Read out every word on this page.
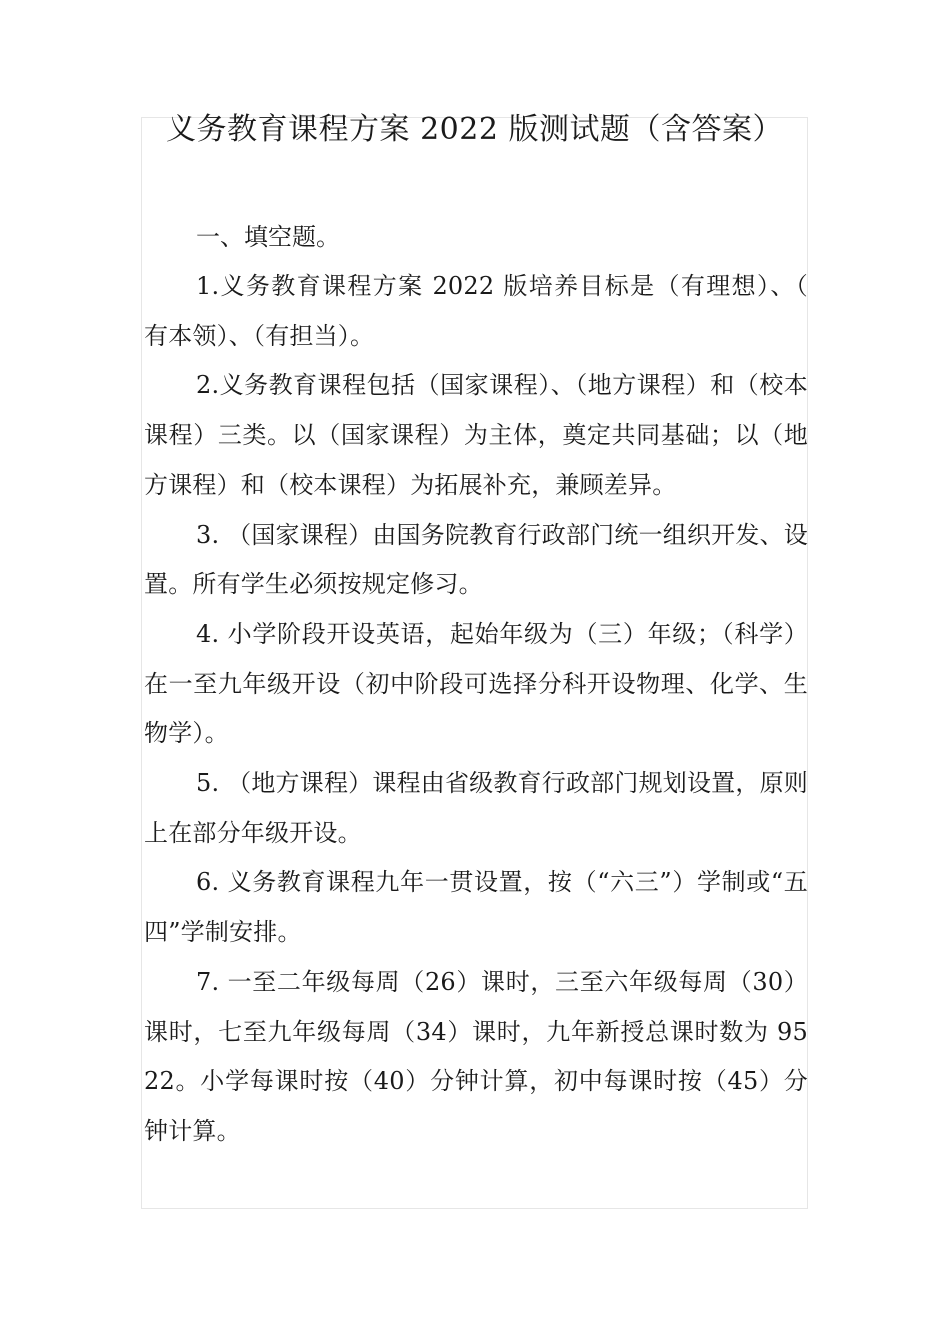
义务教育课程方案 2022 版测试题（含答案）

一、填空题。

1.义务教育课程方案 2022 版培养目标是（有理想）、（ 有本领）、（有担当）。

2.义务教育课程包括（国家课程）、（地方课程）和（校本课程）三类。以（国家课程）为主体，奠定共同基础；以（地方课程）和（校本课程）为拓展补充，兼顾差异。

3. （国家课程）由国务院教育行政部门统一组织开发、设置。所有学生必须按规定修习。

4. 小学阶段开设英语，起始年级为（三）年级；（科学）在一至九年级开设（初中阶段可选择分科开设物理、化学、生物学）。

5. （地方课程）课程由省级教育行政部门规划设置，原则上在部分年级开设。

6. 义务教育课程九年一贯设置，按（“六三”）学制或“五四”学制安排。

7. 一至二年级每周（26）课时，三至六年级每周（30）课时，七至九年级每周（34）课时，九年新授总课时数为 9522。小学每课时按（40）分钟计算，初中每课时按（45）分钟计算。
